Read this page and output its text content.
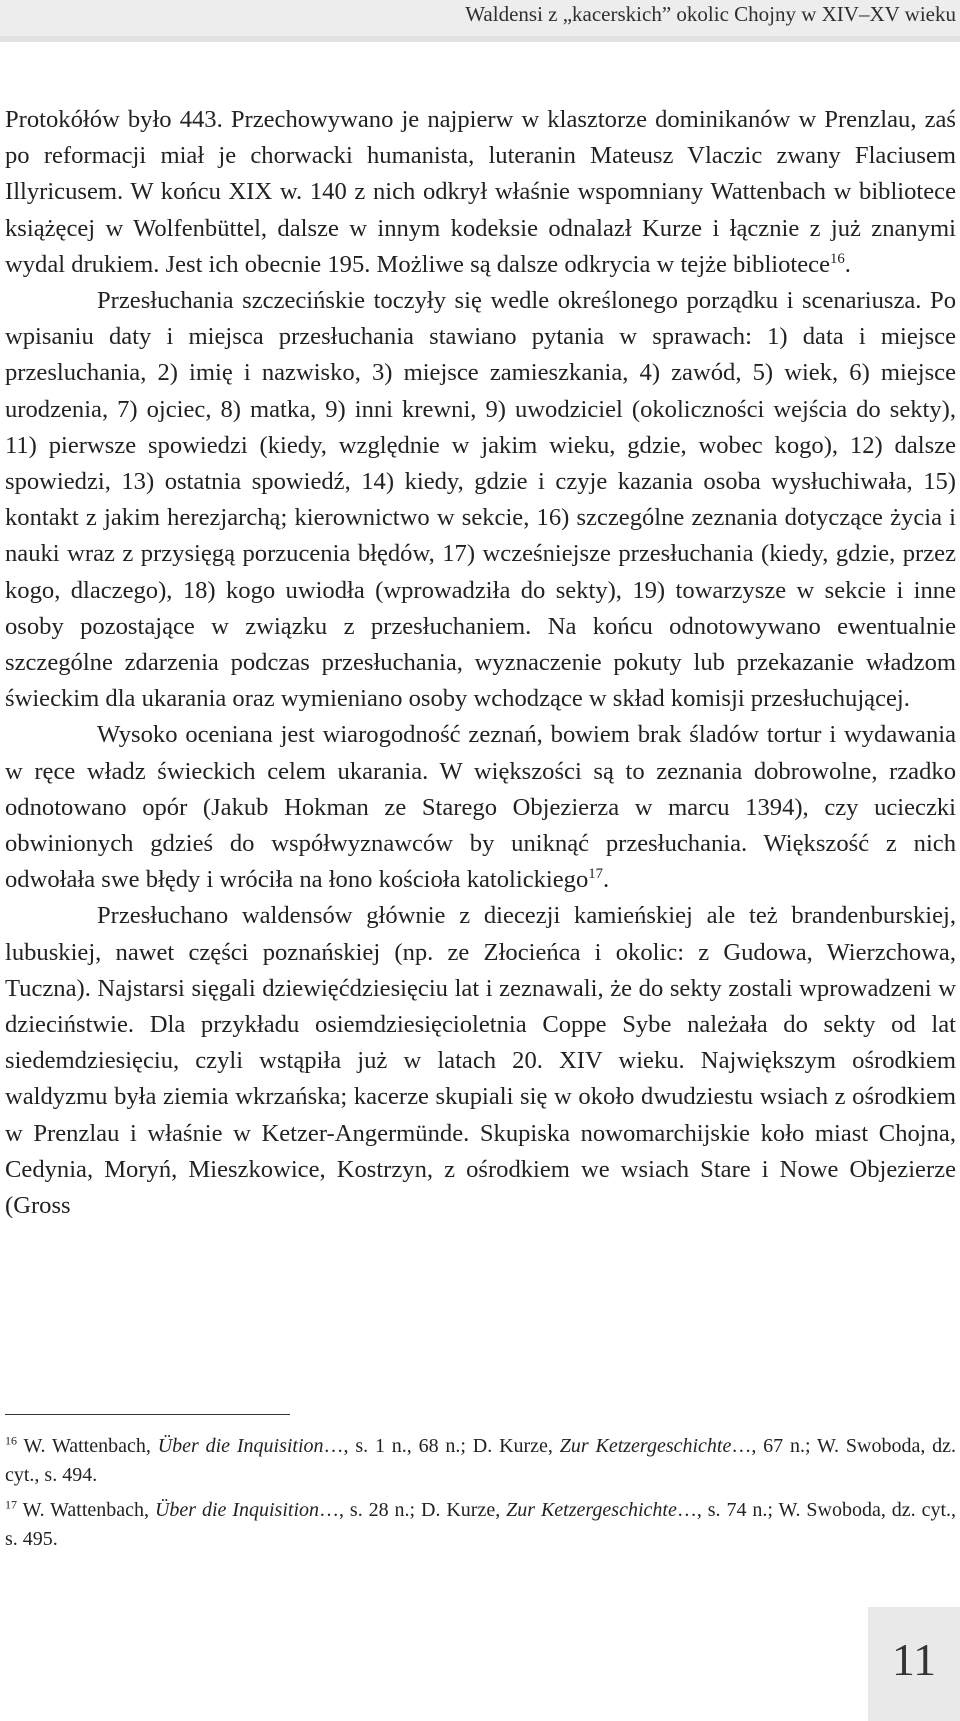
Waldensi z „kacerskich” okolic Chojny w XIV–XV wieku

Protokółów było 443. Przechowywano je najpierw w klasztorze dominikanów w Prenzlau, zaś po reformacji miał je chorwacki humanista, luteranin Mateusz Vlaczic zwany Flaciusem Illyricusem. W końcu XIX w. 140 z nich odkrył właśnie wspomniany Wattenbach w bibliotece książęcej w Wolfenbüttel, dalsze w innym kodeksie odnalazł Kurze i łącznie z już znanymi wydal drukiem. Jest ich obecnie 195. Możliwe są dalsze odkrycia w tejże bibliotece$^{16}$.

Przesłuchania szczecińskie toczyły się wedle określonego porządku i scenariusza. Po wpisaniu daty i miejsca przesłuchania stawiano pytania w sprawach: 1) data i miejsce przesluchania, 2) imię i nazwisko, 3) miejsce zamieszkania, 4) zawód, 5) wiek, 6) miejsce urodzenia, 7) ojciec, 8) matka, 9) inni krewni, 9) uwodziciel (okoliczności wejścia do sekty), 11) pierwsze spowiedzi (kiedy, względnie w jakim wieku, gdzie, wobec kogo), 12) dalsze spowiedzi, 13) ostatnia spowiedź, 14) kiedy, gdzie i czyje kazania osoba wysłuchiwała, 15) kontakt z jakim herezjarchą; kierownictwo w sekcie, 16) szczególne zeznania dotyczące życia i nauki wraz z przysięgą porzucenia błędów, 17) wcześniejsze przesłuchania (kiedy, gdzie, przez kogo, dlaczego), 18) kogo uwiodła (wprowadziła do sekty), 19) towarzysze w sekcie i inne osoby pozostające w związku z przesłuchaniem. Na końcu odnotowywano ewentualnie szczególne zdarzenia podczas przesłuchania, wyznaczenie pokuty lub przekazanie władzom świeckim dla ukarania oraz wymieniano osoby wchodzące w skład komisji przesłuchującej.

Wysoko oceniana jest wiarogodność zeznań, bowiem brak śladów tortur i wydawania w ręce władz świeckich celem ukarania. W większości są to zeznania dobrowolne, rzadko odnotowano opór (Jakub Hokman ze Starego Objezierza w marcu 1394), czy ucieczki obwinionych gdzieś do współwyznawców by uniknąć przesłuchania. Większość z nich odwołała swe błędy i wróciła na łono kościoła katolickiego$^{17}$.

Przesłuchano waldensów głównie z diecezji kamieńskiej ale też brandenburskiej, lubuskiej, nawet części poznańskiej (np. ze Złocieńca i okolic: z Gudowa, Wierzchowa, Tuczna). Najstarsi sięgali dziewięćdziesięciu lat i zeznawali, że do sekty zostali wprowadzeni w dzieciństwie. Dla przykładu osiemdziesięcioletnia Coppe Sybe należała do sekty od lat siedemdziesięciu, czyli wstąpiła już w latach 20. XIV wieku. Największym ośrodkiem waldyzmu była ziemia wkrzańska; kacerze skupiali się w około dwudziestu wsiach z ośrodkiem w Prenzlau i właśnie w Ketzer-Angermünde. Skupiska nowomarchijskie koło miast Chojna, Cedynia, Moryń, Mieszkowice, Kostrzyn, z ośrodkiem we wsiach Stare i Nowe Objezierze (Gross

$^{16}$ W. Wattenbach, Über die Inquisition…, s. 1 n., 68 n.; D. Kurze, Zur Ketzergeschichte…, 67 n.; W. Swoboda, dz. cyt., s. 494.

$^{17}$ W. Wattenbach, Über die Inquisition…, s. 28 n.; D. Kurze, Zur Ketzergeschichte…, s. 74 n.; W. Swoboda, dz. cyt., s. 495.

11
